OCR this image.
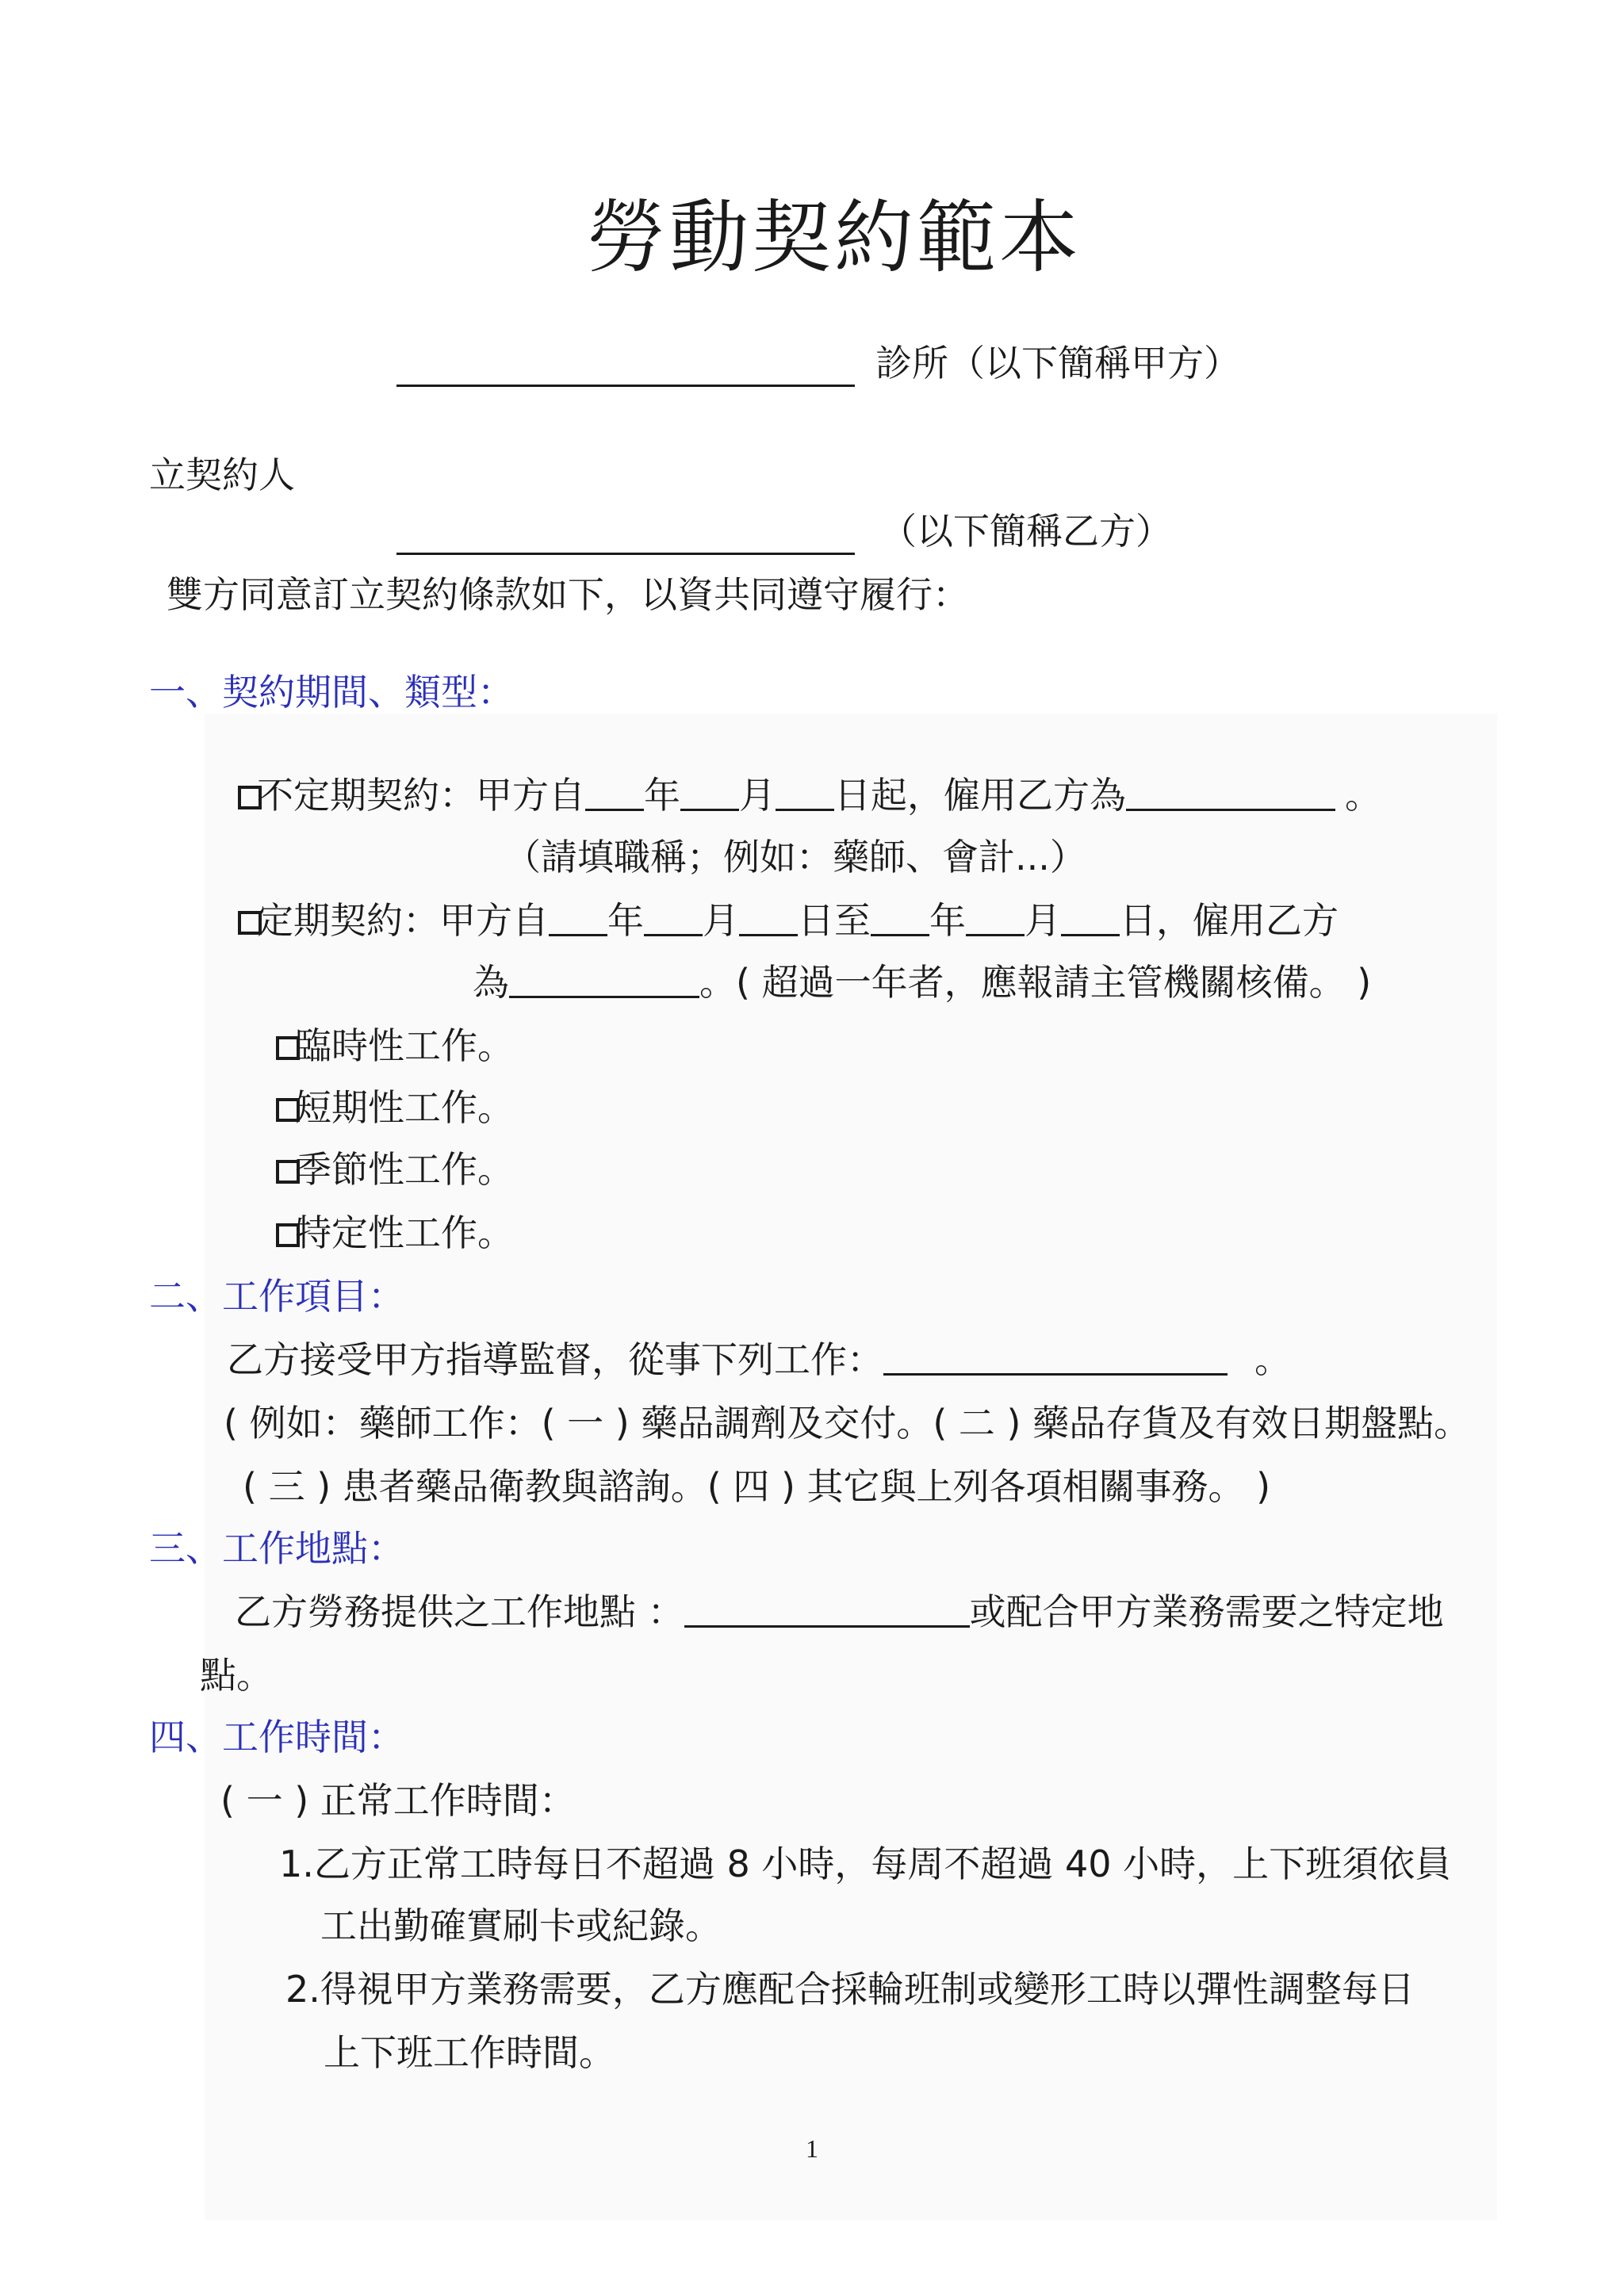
勞動契約範本
診所（以下簡稱甲方）
立契約人
（以下簡稱乙方）
雙方同意訂立契約條款如下，以資共同遵守履行：
一、契約期間、類型：
不定期契約：甲方自 年 月 日起，僱用乙方為	。
（請填職稱；例如：藥師、會計...）
定期契約：甲方自 年 月 日至 年 月 日，僱用乙方
為	。( 超過一年者，應報請主管機關核備。 )
臨時性工作。
短期性工作。
季節性工作。
特定性工作。
二、工作項目：
乙方接受甲方指導監督，從事下列工作：	。
( 例如：藥師工作：( 一 ) 藥品調劑及交付。( 二 ) 藥品存貨及有效日期盤點。
( 三 ) 患者藥品衛教與諮詢。( 四 ) 其它與上列各項相關事務。 )
三、工作地點：
乙方勞務提供之工作地點 ：	或配合甲方業務需要之特定地
點。
四、工作時間：
( 一 ) 正常工作時間：
1.乙方正常工時每日不超過 8 小時，每周不超過 40 小時，上下班須依員
工出勤確實刷卡或紀錄。
2.得視甲方業務需要，乙方應配合採輪班制或變形工時以彈性調整每日
上下班工作時間。
1
